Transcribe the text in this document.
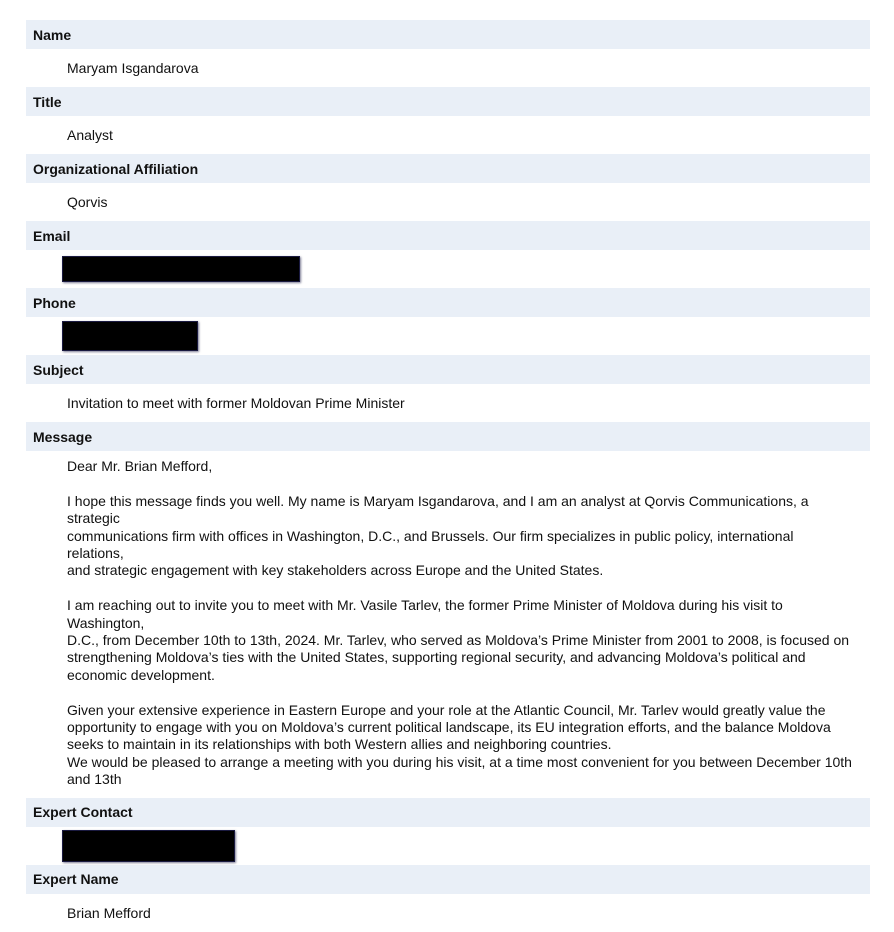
Name
Maryam Isgandarova
Title
Analyst
Organizational Affiliation
Qorvis
Email
Phone
Subject
Invitation to meet with former Moldovan Prime Minister
Message

Dear Mr. Brian Mefford,

I hope this message finds you well. My name is Maryam Isgandarova, and I am an analyst at Qorvis Communications, a strategic
communications firm with offices in Washington, D.C., and Brussels. Our firm specializes in public policy, international relations,
and strategic engagement with key stakeholders across Europe and the United States.

I am reaching out to invite you to meet with Mr. Vasile Tarlev, the former Prime Minister of Moldova during his visit to Washington,
D.C., from December 10th to 13th, 2024. Mr. Tarlev, who served as Moldova’s Prime Minister from 2001 to 2008, is focused on
strengthening Moldova’s ties with the United States, supporting regional security, and advancing Moldova’s political and
economic development.

Given your extensive experience in Eastern Europe and your role at the Atlantic Council, Mr. Tarlev would greatly value the
opportunity to engage with you on Moldova’s current political landscape, its EU integration efforts, and the balance Moldova
seeks to maintain in its relationships with both Western allies and neighboring countries.

We would be pleased to arrange a meeting with you during his visit, at a time most convenient for you between December 10th
and 13th

Expert Contact
Expert Name
Brian Mefford
